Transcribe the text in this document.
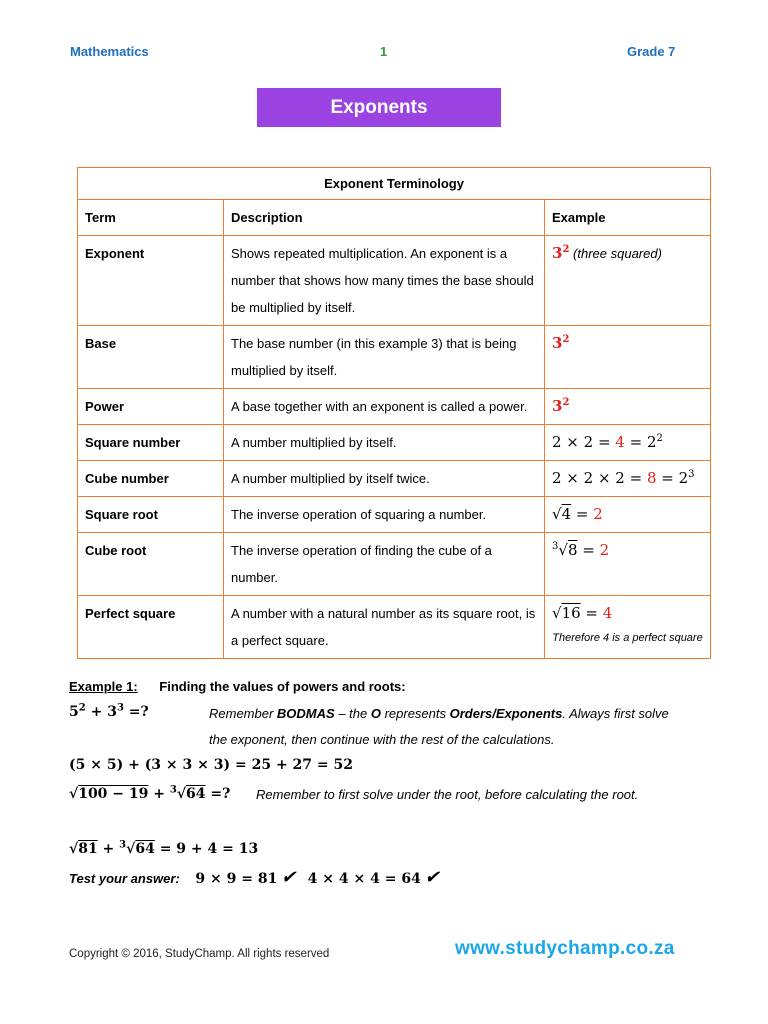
Mathematics	1	Grade 7
Exponents
Exponent Terminology		
Term	Description	Example
Exponent	Shows repeated multiplication. An exponent is a number that shows how many times the base should be multiplied by itself.	$3^2$ (three squared)
Base	The base number (in this example 3) that is being multiplied by itself.	$3^2$
Power	A base together with an exponent is called a power.	$3^2$
Square number	A number multiplied by itself.	$2 \times 2 = 4 = 2^2$
Cube number	A number multiplied by itself twice.	$2 \times 2 \times 2 = 8 = 2^3$
Square root	The inverse operation of squaring a number.	√4 = 2
Cube root	The inverse operation of finding the cube of a number.	$^3$√8 = 2
Perfect square	A number with a natural number as its square root, is a perfect square.	√16 = 4
Therefore 4 is a perfect square
Example 1: Finding the values of powers and roots:
$5^2 + 3^3$ =?	Remember BODMAS – the O represents Orders/Exponents. Always first solve
the exponent, then continue with the rest of the calculations.
(5 × 5) + (3 × 3 × 3) = 25 + 27 = 52
√100 − 19 + $^3$√64 =? Remember to first solve under the root, before calculating the root.
√81 + $^3$√64 = 9 + 4 = 13
Test your answer: 9 × 9 = 81 ✔ 4 × 4 × 4 = 64 ✔
Copyright © 2016, StudyChamp. All rights reserved	www.studychamp.co.za
